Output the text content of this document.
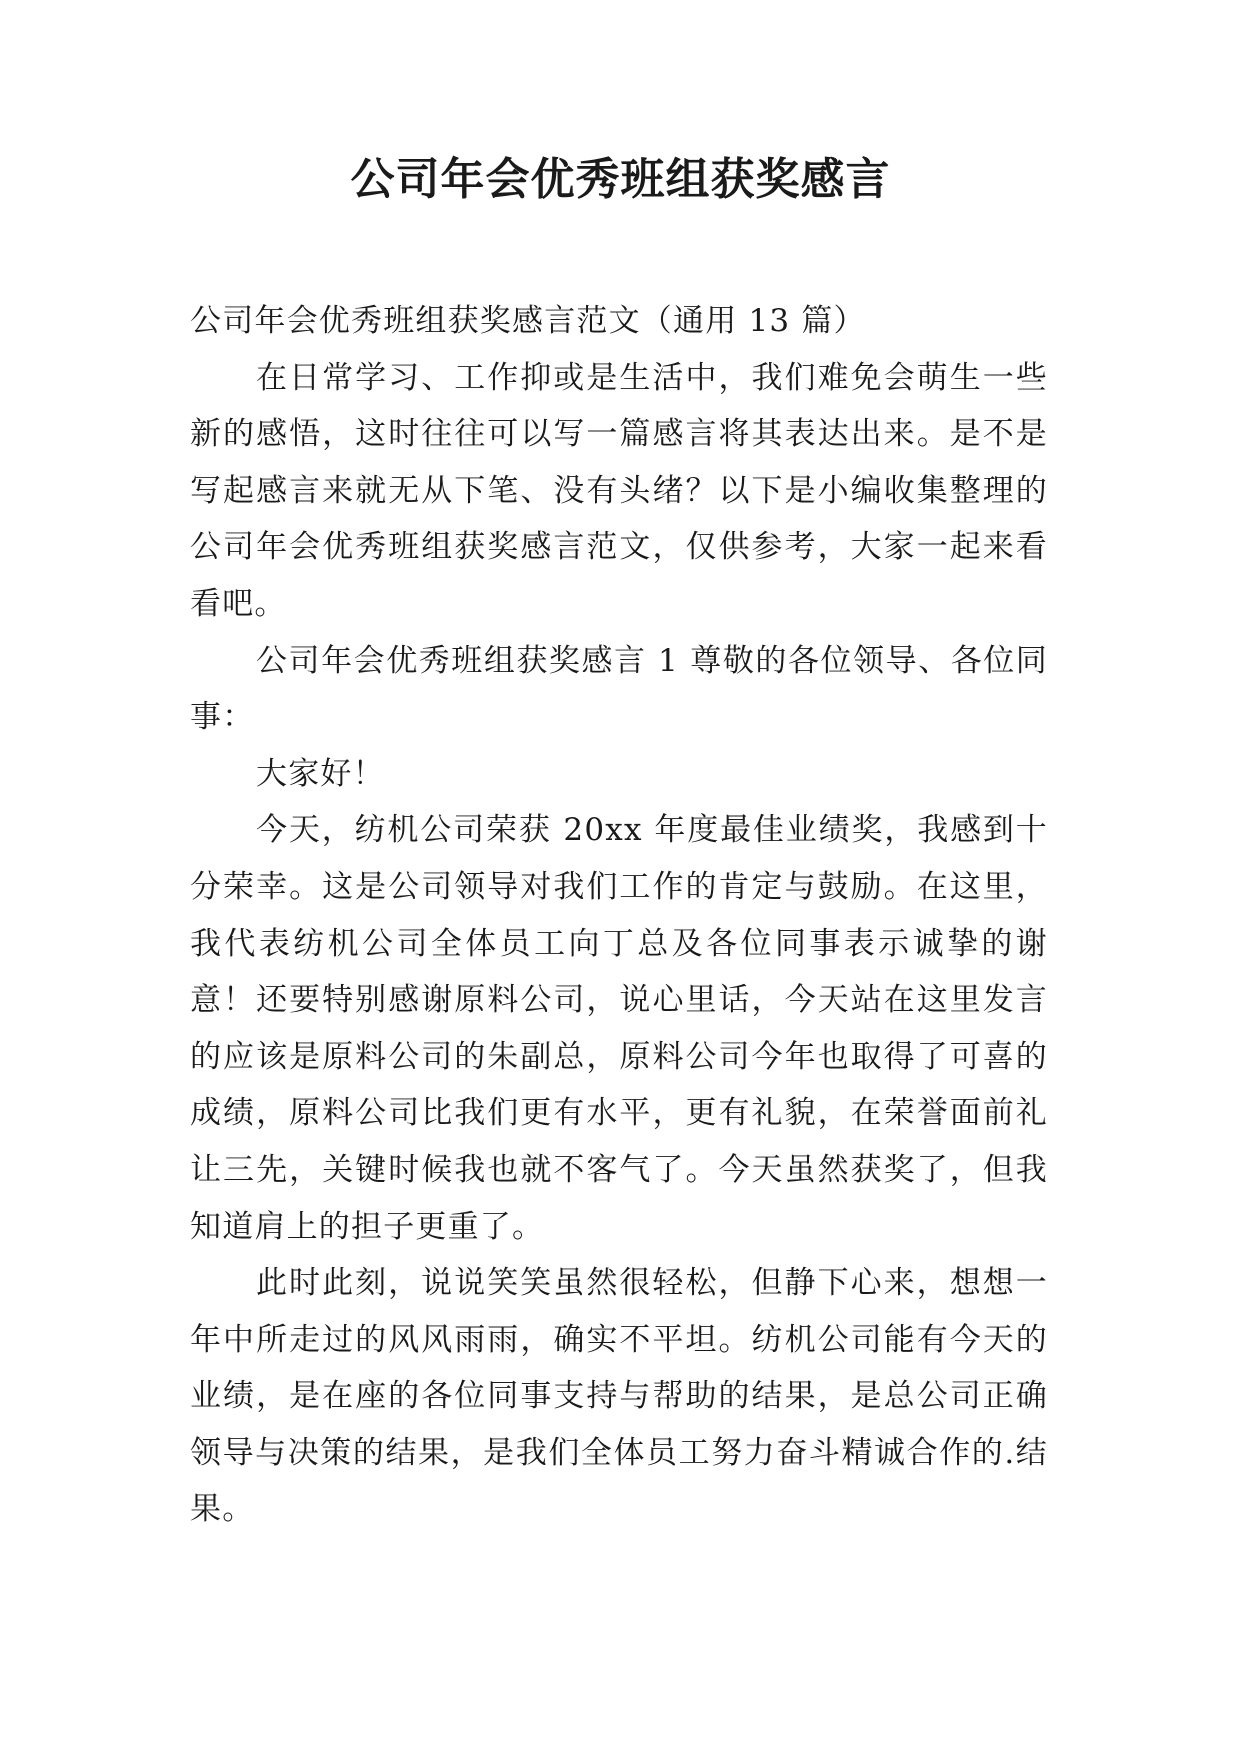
公司年会优秀班组获奖感言

公司年会优秀班组获奖感言范文（通用 13 篇）

在日常学习、工作抑或是生活中，我们难免会萌生一些新的感悟，这时往往可以写一篇感言将其表达出来。是不是写起感言来就无从下笔、没有头绪？以下是小编收集整理的公司年会优秀班组获奖感言范文，仅供参考，大家一起来看看吧。

公司年会优秀班组获奖感言 1 尊敬的各位领导、各位同事：

大家好！

今天，纺机公司荣获 20xx 年度最佳业绩奖，我感到十分荣幸。这是公司领导对我们工作的肯定与鼓励。在这里，我代表纺机公司全体员工向丁总及各位同事表示诚挚的谢意！还要特别感谢原料公司，说心里话，今天站在这里发言的应该是原料公司的朱副总，原料公司今年也取得了可喜的成绩，原料公司比我们更有水平，更有礼貌，在荣誉面前礼让三先，关键时候我也就不客气了。今天虽然获奖了，但我知道肩上的担子更重了。

此时此刻，说说笑笑虽然很轻松，但静下心来，想想一年中所走过的风风雨雨，确实不平坦。纺机公司能有今天的业绩，是在座的各位同事支持与帮助的结果，是总公司正确领导与决策的结果，是我们全体员工努力奋斗精诚合作的.结果。
